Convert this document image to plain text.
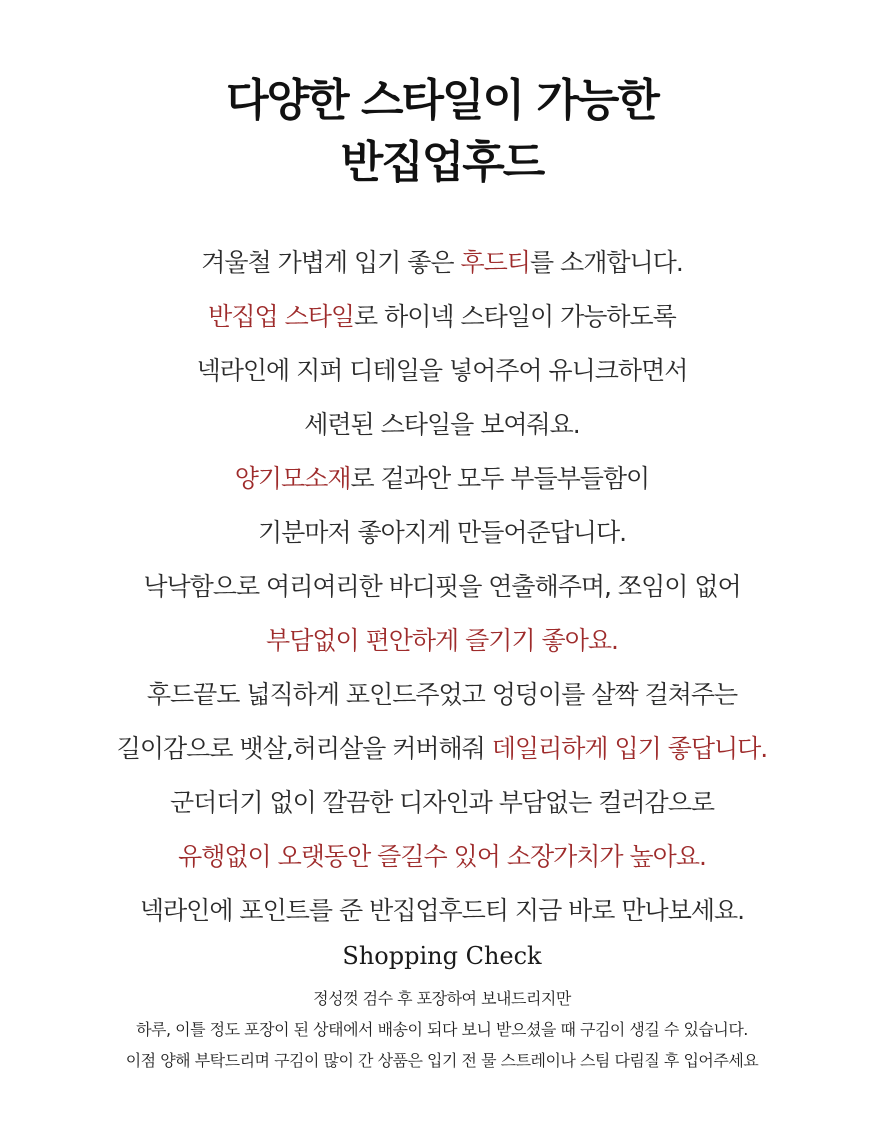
다양한 스타일이 가능한
반집업후드
겨울철 가볍게 입기 좋은 후드티를 소개합니다.
반집업 스타일로 하이넥 스타일이 가능하도록
넥라인에 지퍼 디테일을 넣어주어 유니크하면서
세련된 스타일을 보여줘요.
양기모소재로 겉과안 모두 부들부들함이
기분마저 좋아지게 만들어준답니다.
낙낙함으로 여리여리한 바디핏을 연출해주며, 쪼임이 없어
부담없이 편안하게 즐기기 좋아요.
후드끝도 넓직하게 포인드주었고 엉덩이를 살짝 걸쳐주는
길이감으로 뱃살,허리살을 커버해줘 데일리하게 입기 좋답니다.
군더더기 없이 깔끔한 디자인과 부담없는 컬러감으로
유행없이 오랫동안 즐길수 있어 소장가치가 높아요.
넥라인에 포인트를 준 반집업후드티 지금 바로 만나보세요.
Shopping Check
정성껏 검수 후 포장하여 보내드리지만
하루, 이틀 정도 포장이 된 상태에서 배송이 되다 보니 받으셨을 때 구김이 생길 수 있습니다.
이점 양해 부탁드리며 구김이 많이 간 상품은 입기 전 물 스트레이나 스팀 다림질 후 입어주세요
